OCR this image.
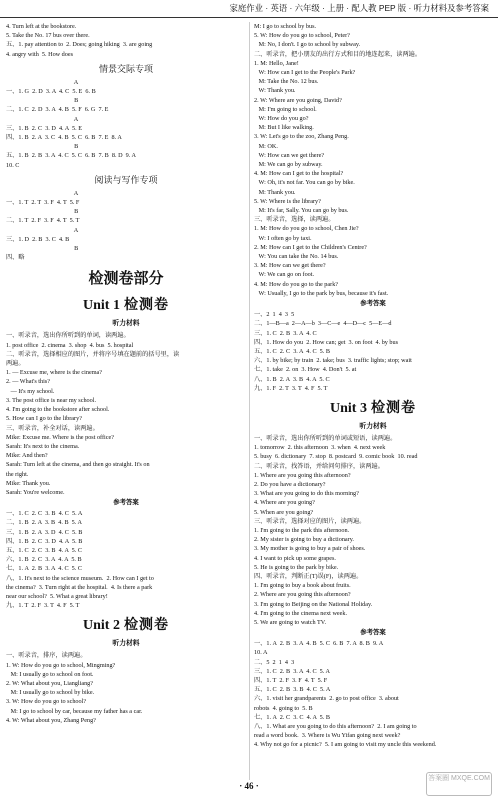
家庭作业 · 英语 · 六年级 · 上册 · 配人教 PEP 版 · 听力材料及参考答案
4. Turn left at the bookstore.
5. Take the No. 17 bus over there.
五、1. pay attention to  2. Does; going hiking  3. are going
4. angry with  5. How does
情景交际专项
A
一、1. G  2. D  3. A  4. C  5. E  6. B
B
二、1. C  2. D  3. A  4. B  5. F  6. G  7. E
A
三、1. B  2. C  3. D  4. A  5. E
四、1. B  2. A  3. C  4. B  5. C  6. B  7. E  8. A
B
五、1. B  2. B  3. A  4. C  5. C  6. B  7. B  8. D  9. A
10. C
阅读与写作专项
A
一、1. T  2. T  3. F  4. T  5. F
B
二、1. T  2. F  3. F  4. T  5. T
A
三、1. D  2. B  3. C  4. B
B
四、略
检测卷部分
Unit 1 检测卷
听力材料
一、听录音，选出你所听到的单词，读两遍。
1. post office  2. cinema  3. shop  4. bus  5. hospital
二、听录音，选择相应的图片，并将序号填在题前的括号里，读
两遍。
1. — Excuse me, where is the cinema?
2. — What's this?
— It's my school.
3. The post office is near my school.
4. I'm going to the bookstore after school.
5. How can I go to the library?
三、听录音，补全对话，读两遍。
Mike: Excuse me. Where is the post office?
Sarah: It's next to the cinema.
Mike: And then?
Sarah: Turn left at the cinema, and then go straight. It's on
the right.
Mike: Thank you.
Sarah: You're welcome.
参考答案
一、1. C  2. C  3. B  4. C  5. A
二、1. B  2. A  3. B  4. B  5. A
三、1. B  2. A  3. D  4. C  5. B
四、1. B  2. C  3. D  4. A  5. B
五、1. C  2. C  3. B  4. A  5. C
六、1. B  2. C  3. A  4. A  5. B
七、1. A  2. B  3. A  4. C  5. C
八、1. It's next to the science museum.  2. How can I get to
the cinema?  3. Turn right at the hospital.  4. Is there a park
near our school?  5. What a great library!
九、1. T  2. F  3. T  4. F  5. T
Unit 2 检测卷
听力材料
一、听录音，排序，读两遍。
1. W: How do you go to school, Mingming?
M: I usually go to school on foot.
2. W: What about you, Liangliang?
M: I usually go to school by bike.
3. W: How do you go to school?
M: I go to school by car, because my father has a car.
4. W: What about you, Zhang Peng?
M: I go to school by bus.
5. W: How do you go to school, Peter?
M: No, I don't. I go to school by subway.
二、听录音，把小朋友的出行方式和目的地连起来，读两遍。
1. M: Hello, Jane!
W: How can I get to the People's Park?
M: Take the No. 12 bus.
W: Thank you.
2. W: Where are you going, David?
M: I'm going to school.
W: How do you go?
M: But I like walking.
3. W: Let's go to the zoo, Zhang Peng.
M: OK.
W: How can we get there?
M: We can go by subway.
4. M: How can I get to the hospital?
W: Oh, it's not far. You can go by bike.
M: Thank you.
5. W: Where is the library?
M: It's far, Sally. You can go by bus.
三、听录音，选择，读两遍。
1. M: How do you go to school, Chen Jie?
W: I often go by taxi.
2. M: How can I get to the Children's Centre?
W: You can take the No. 14 bus.
3. M: How can we get there?
W: We can go on foot.
4. M: How do you go to the park?
W: Usually, I go to the park by bus, because it's fast.
参考答案
一、2  1  4  3  5
二、1—B—a  2—A—b  3—C—e  4—D—c  5—E—d
三、1. C  2. B  3. A  4. C
四、1. How do you  2. How can; get  3. on foot  4. by bus
五、1. C  2. C  3. A  4. C  5. B
六、1. by bike; by train  2. take; bus  3. traffic lights; stop; wait
七、1. take  2. on  3. How  4. Don't  5. at
八、1. B  2. A  3. B  4. A  5. C
九、1. F  2. T  3. T  4. F  5. T
Unit 3 检测卷
听力材料
一、听录音，选出你所听到的单词或短语，读两遍。
1. tomorrow  2. this afternoon  3. when  4. next week
5. busy  6. dictionary  7. stop  8. postcard  9. comic book  10. read
二、听录音，找答语，并给问句排序，读两遍。
1. Where are you going this afternoon?
2. Do you have a dictionary?
3. What are you going to do this morning?
4. Where are you going?
5. When are you going?
三、听录音，选择对应的图片，读两遍。
1. I'm going to the park this afternoon.
2. My sister is going to buy a dictionary.
3. My mother is going to buy a pair of shoes.
4. I want to pick up some grapes.
5. He is going to the park by bike.
四、听录音，判断正(T)误(F)，读两遍。
1. I'm going to buy a book about fruits.
2. Where are you going this afternoon?
3. I'm going to Beijing on the National Holiday.
4. I'm going to the cinema next week.
5. We are going to watch TV.
参考答案
一、1. A  2. B  3. A  4. B  5. C  6. B  7. A  8. B  9. A
10. A
二、5  2  1  4  3
三、1. C  2. B  3. A  4. C  5. A
四、1. T  2. F  3. F  4. T  5. F
五、1. C  2. B  3. B  4. C  5. A
六、1. visit her grandparents  2. go to post office  3. about
robots  4. going to  5. B
七、1. A  2. C  3. C  4. A  5. B
八、1. What are you going to do this afternoon?  2. I am going to
read a word book.  3. Where is Wu Yifan going next week?
4. Why not go for a picnic?  5. I am going to visit my uncle this weekend.
· 46 ·
答案圈 MXQE.COM
